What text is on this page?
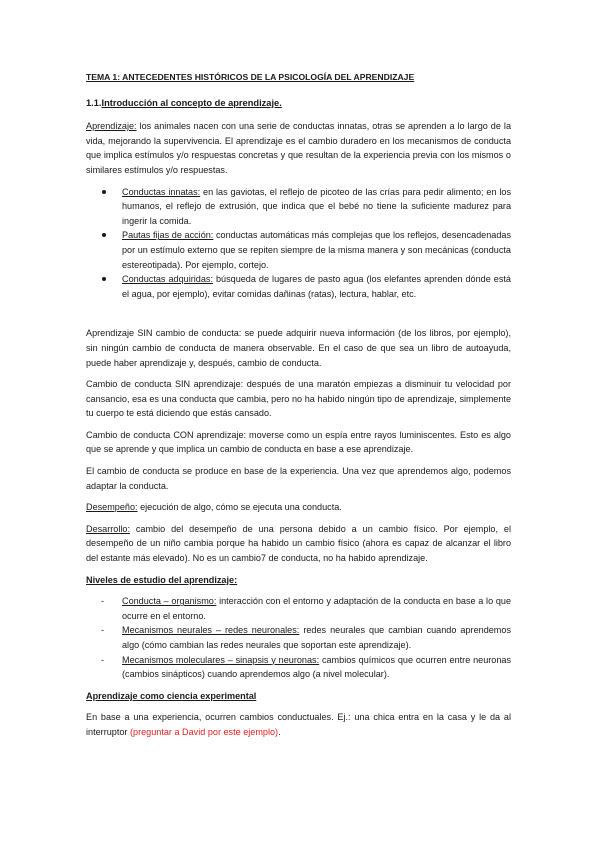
TEMA 1: ANTECEDENTES HISTÓRICOS DE LA PSICOLOGÍA DEL APRENDIZAJE
1.1.Introducción al concepto de aprendizaje.

Aprendizaje: los animales nacen con una serie de conductas innatas, otras se aprenden a lo largo de la vida, mejorando la supervivencia. El aprendizaje es el cambio duradero en los mecanismos de conducta que implica estímulos y/o respuestas concretas y que resultan de la experiencia previa con los mismos o similares estímulos y/o respuestas.

Conductas innatas: en las gaviotas, el reflejo de picoteo de las crías para pedir alimento; en los humanos, el reflejo de extrusión, que indica que el bebé no tiene la suficiente madurez para ingerir la comida.
Pautas fijas de acción: conductas automáticas más complejas que los reflejos, desencadenadas por un estímulo externo que se repiten siempre de la misma manera y son mecánicas (conducta estereotipada). Por ejemplo, cortejo.
Conductas adquiridas: búsqueda de lugares de pasto agua (los elefantes aprenden dónde está el agua, por ejemplo), evitar comidas dañinas (ratas), lectura, hablar, etc.

Aprendizaje SIN cambio de conducta: se puede adquirir nueva información (de los libros, por ejemplo), sin ningún cambio de conducta de manera observable. En el caso de que sea un libro de autoayuda, puede haber aprendizaje y, después, cambio de conducta.

Cambio de conducta SIN aprendizaje: después de una maratón empiezas a disminuir tu velocidad por cansancio, esa es una conducta que cambia, pero no ha habido ningún tipo de aprendizaje, simplemente tu cuerpo te está diciendo que estás cansado.

Cambio de conducta CON aprendizaje: moverse como un espía entre rayos luminiscentes. Esto es algo que se aprende y que implica un cambio de conducta en base a ese aprendizaje.

El cambio de conducta se produce en base de la experiencia. Una vez que aprendemos algo, podemos adaptar la conducta.

Desempeño: ejecución de algo, cómo se ejecuta una conducta.

Desarrollo: cambio del desempeño de una persona debido a un cambio físico. Por ejemplo, el desempeño de un niño cambia porque ha habido un cambio físico (ahora es capaz de alcanzar el libro del estante más elevado). No es un cambio7 de conducta, no ha habido aprendizaje.

Niveles de estudio del aprendizaje:

- Conducta – organismo: interacción con el entorno y adaptación de la conducta en base a lo que ocurre en el entorno.
- Mecanismos neurales – redes neuronales: redes neurales que cambian cuando aprendemos algo (cómo cambian las redes neurales que soportan este aprendizaje).
- Mecanismos moleculares – sinapsis y neuronas: cambios químicos que ocurren entre neuronas (cambios sinápticos) cuando aprendemos algo (a nivel molecular).

Aprendizaje como ciencia experimental

En base a una experiencia, ocurren cambios conductuales. Ej.: una chica entra en la casa y le da al interruptor (preguntar a David por este ejemplo).
